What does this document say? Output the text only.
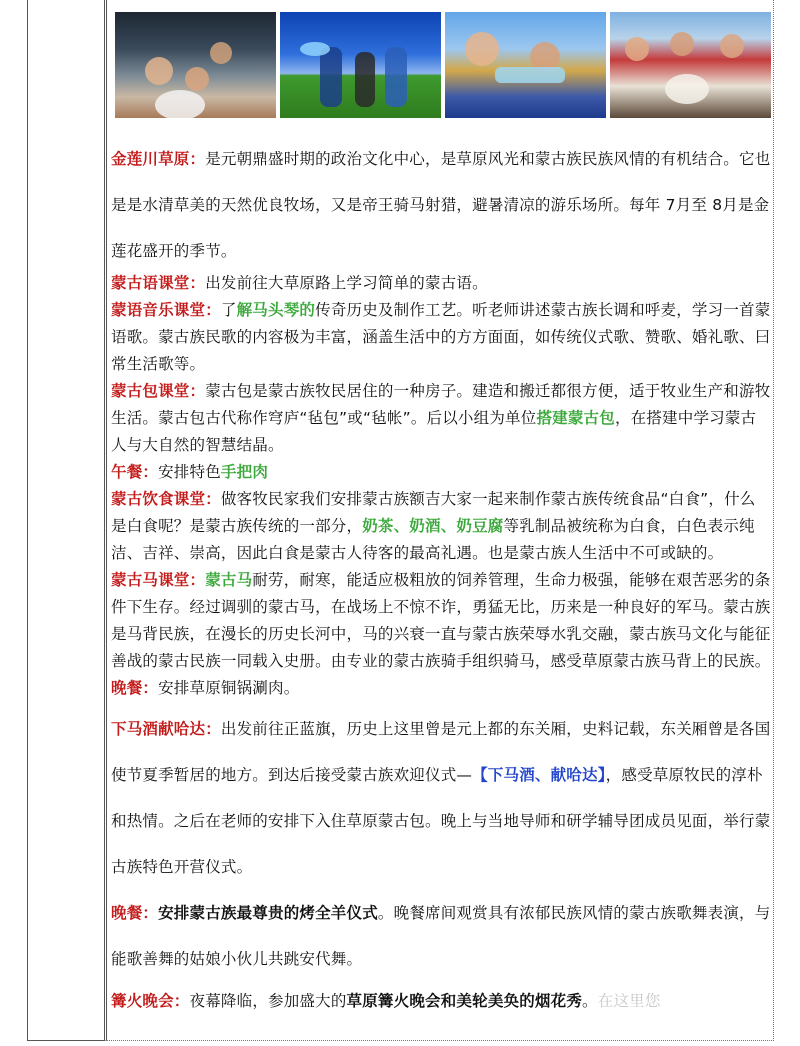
金莲川草原：是元朝鼎盛时期的政治文化中心，是草原风光和蒙古族民族风情的有机结合。它也是是水清草美的天然优良牧场，又是帝王骑马射猎，避暑清凉的游乐场所。每年 7月至 8月是金莲花盛开的季节。

蒙古语课堂：出发前往大草原路上学习简单的蒙古语。

蒙语音乐课堂：了解马头琴的传奇历史及制作工艺。听老师讲述蒙古族长调和呼麦，学习一首蒙语歌。蒙古族民歌的内容极为丰富，涵盖生活中的方方面面，如传统仪式歌、赞歌、婚礼歌、曰常生活歌等。

蒙古包课堂：蒙古包是蒙古族牧民居住的一种房子。建造和搬迁都很方便，适于牧业生产和游牧生活。蒙古包古代称作穹庐“毡包”或“毡帐”。后以小组为单位搭建蒙古包，在搭建中学习蒙古人与大自然的智慧结晶。

午餐：安排特色手把肉

蒙古饮食课堂：做客牧民家我们安排蒙古族额吉大家一起来制作蒙古族传统食品“白食”，什么是白食呢？是蒙古族传统的一部分，奶茶、奶酒、奶豆腐等乳制品被统称为白食，白色表示纯洁、吉祥、崇高，因此白食是蒙古人待客的最高礼遇。也是蒙古族人生活中不可或缺的。

蒙古马课堂：蒙古马耐劳，耐寒，能适应极粗放的饲养管理，生命力极强，能够在艰苦恶劣的条件下生存。经过调驯的蒙古马，在战场上不惊不诈，勇猛无比，历来是一种良好的军马。蒙古族是马背民族，在漫长的历史长河中，马的兴衰一直与蒙古族荣辱水乳交融，蒙古族马文化与能征善战的蒙古民族一同载入史册。由专业的蒙古族骑手组织骑马，感受草原蒙古族马背上的民族。

晚餐：安排草原铜锅涮肉。

下马酒献哈达：出发前往正蓝旗，历史上这里曾是元上都的东关厢，史料记载，东关厢曾是各国使节夏季暂居的地方。到达后接受蒙古族欢迎仪式—【下马酒、献哈达】，感受草原牧民的淳朴和热情。之后在老师的安排下入住草原蒙古包。晚上与当地导师和研学辅导团成员见面，举行蒙古族特色开营仪式。

晚餐：安排蒙古族最尊贵的烤全羊仪式。晚餐席间观赏具有浓郁民族风情的蒙古族歌舞表演，与能歌善舞的姑娘小伙儿共跳安代舞。

篝火晚会：夜幕降临，参加盛大的草原篝火晚会和美轮美奂的烟花秀。在这里您
